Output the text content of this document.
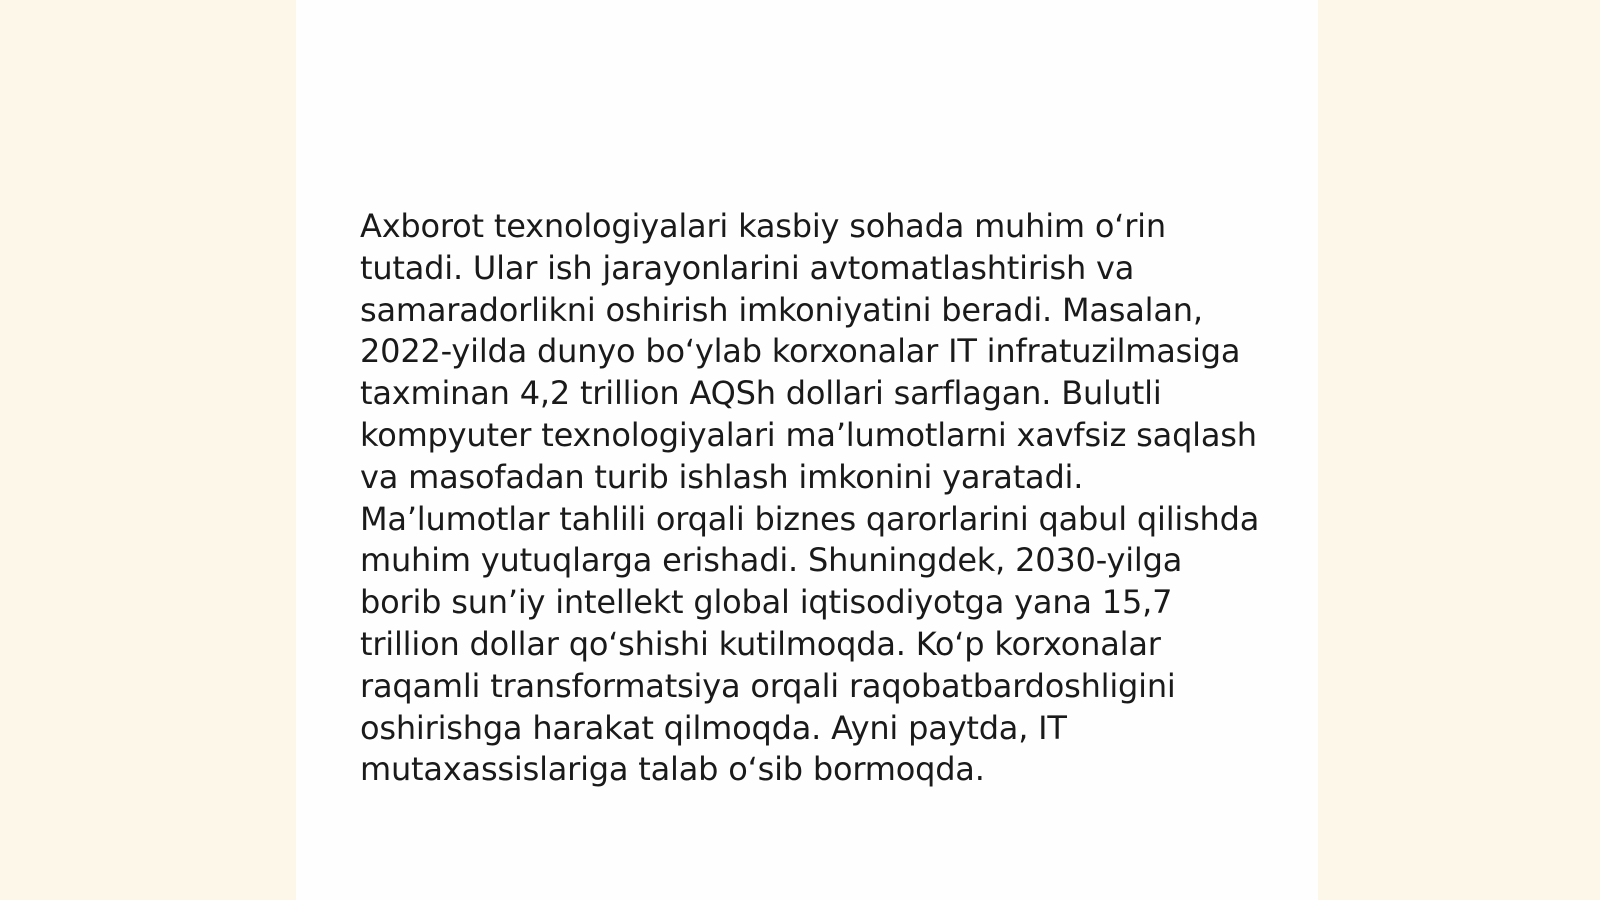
Axborot texnologiyalari kasbiy sohada muhim o‘rin tutadi. Ular ish jarayonlarini avtomatlashtirish va samaradorlikni oshirish imkoniyatini beradi. Masalan, 2022-yilda dunyo bo‘ylab korxonalar IT infratuzilmasiga taxminan 4,2 trillion AQSh dollari sarflagan. Bulutli kompyuter texnologiyalari ma’lumotlarni xavfsiz saqlash va masofadan turib ishlash imkonini yaratadi. Ma’lumotlar tahlili orqali biznes qarorlarini qabul qilishda muhim yutuqlarga erishadi. Shuningdek, 2030-yilga borib sun’iy intellekt global iqtisodiyotga yana 15,7 trillion dollar qo‘shishi kutilmoqda. Ko‘p korxonalar raqamli transformatsiya orqali raqobatbardoshligini oshirishga harakat qilmoqda. Ayni paytda, IT mutaxassislariga talab o‘sib bormoqda.
